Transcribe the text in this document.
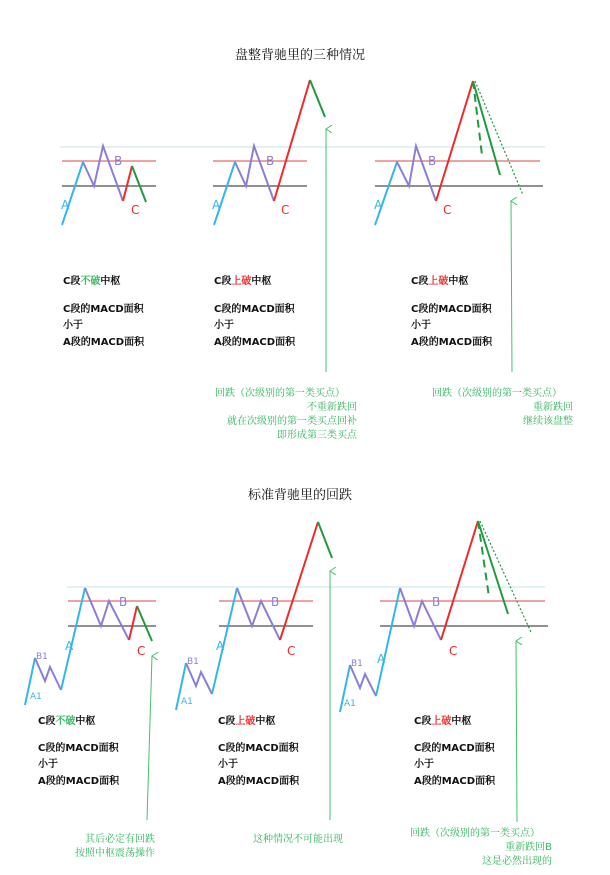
盘整背驰里的三种情况
标准背驰里的回跌
A
B
C	A
B
C	A
B
C
C段不破中枢
C段的MACD面积
小于
A段的MACD面积
C段上破中枢
C段的MACD面积
小于
A段的MACD面积
C段上破中枢
C段的MACD面积
小于
A段的MACD面积
回跌（次级别的第一类买点）
不重新跌回
就在次级别的第一类买点回补
即形成第三类买点
回跌（次级别的第一类买点）
重新跌回
继续该盘整
B1
A1
A
B
C
B1
A1
A
B
C
B1
A1
A
B
C
C段不破中枢
C段的MACD面积
小于
A段的MACD面积
C段上破中枢
C段的MACD面积
小于
A段的MACD面积
C段上破中枢
C段的MACD面积
小于
A段的MACD面积
其后必定有回跌
按照中枢震荡操作
这种情况不可能出现
回跌（次级别的第一类买点）
重新跌回B
这是必然出现的
